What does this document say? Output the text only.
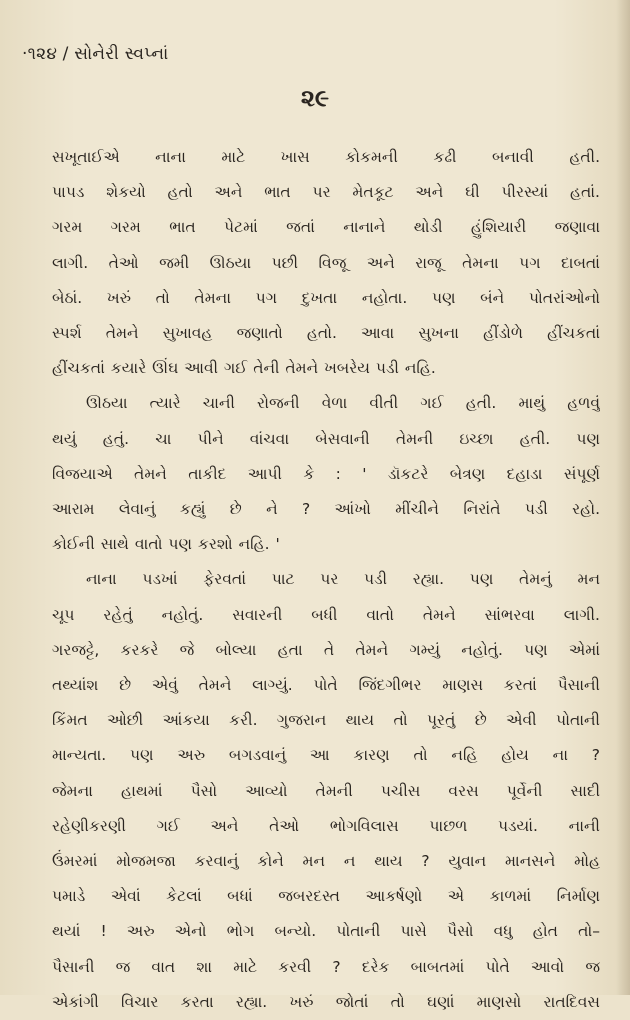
·૧૨૪ / સોનેરી સ્વપ્નાં
૨૯
સખૂતાઈએ નાના માટે ખાસ કોકમની કઢી બનાવી હતી.
પાપડ શેકયો હતો અને ભાત પર મેતકૂટ અને ઘી પીરસ્યાં હતાં.
ગરમ ગરમ ભાત પેટમાં જતાં નાનાને થોડી હુંશિયારી જણાવા
લાગી. તેઓ જમી ઊઠયા પછી વિજૂ અને રાજૂ તેમના પગ દાબતાં
બેઠાં. ખરું તો તેમના પગ દુખતા નહોતા. પણ બંને પોતરાંઓનો
સ્પર્શ તેમને સુખાવહ જણાતો હતો. આવા સુખના હીંડોળે હીંચકતાં
હીંચકતાં કયારે ઊંઘ આવી ગઈ તેની તેમને ખબરેય પડી નહિ.
ઊઠયા ત્યારે ચાની રોજની વેળા વીતી ગઈ હતી. માથું હળવું
થયું હતું. ચા પીને વાંચવા બેસવાની તેમની ઇચ્છા હતી. પણ
વિજયાએ તેમને તાકીદ આપી કે : ' ડૉકટરે બેત્રણ દહાડા સંપૂર્ણ
આરામ લેવાનું કહ્યું છે ને ? આંખો મીંચીને નિરાંતે પડી રહો.
કોઈની સાથે વાતો પણ કરશો નહિ. '
નાના પડખાં ફેરવતાં પાટ પર પડી રહ્યા. પણ તેમનું મન
ચૂપ રહેતું નહોતું. સવારની બધી વાતો તેમને સાંભરવા લાગી.
ગરજટ્ટે, કરકરે જે બોલ્યા હતા તે તેમને ગમ્યું નહોતું. પણ એમાં
તથ્યાંશ છે એવું તેમને લાગ્યું. પોતે જિંદગીભર માણસ કરતાં પૈસાની
કિંમત ઓછી આંકયા કરી. ગુજરાન થાય તો પૂરતું છે એવી પોતાની
માન્યતા. પણ અરુ બગડવાનું આ કારણ તો નહિ હોય ના ?
જેમના હાથમાં પૈસો આવ્યો તેમની પચીસ વરસ પૂર્વેની સાદી
રહેણીકરણી ગઈ અને તેઓ ભોગવિલાસ પાછળ પડયાં. નાની
ઉંમરમાં મોજમજા કરવાનું કોને મન ન થાય ? યુવાન માનસને મોહ
પમાડે એવાં કેટલાં બધાં જબરદસ્ત આકર્ષણો એ કાળમાં નિર્માણ
થયાં ! અરુ એનો ભોગ બન્યો. પોતાની પાસે પૈસો વધુ હોત તો–
પૈસાની જ વાત શા માટે કરવી ? દરેક બાબતમાં પોતે આવો જ
એકાંગી વિચાર કરતા રહ્યા. ખરું જોતાં તો ઘણાં માણસો રાતદિવસ
